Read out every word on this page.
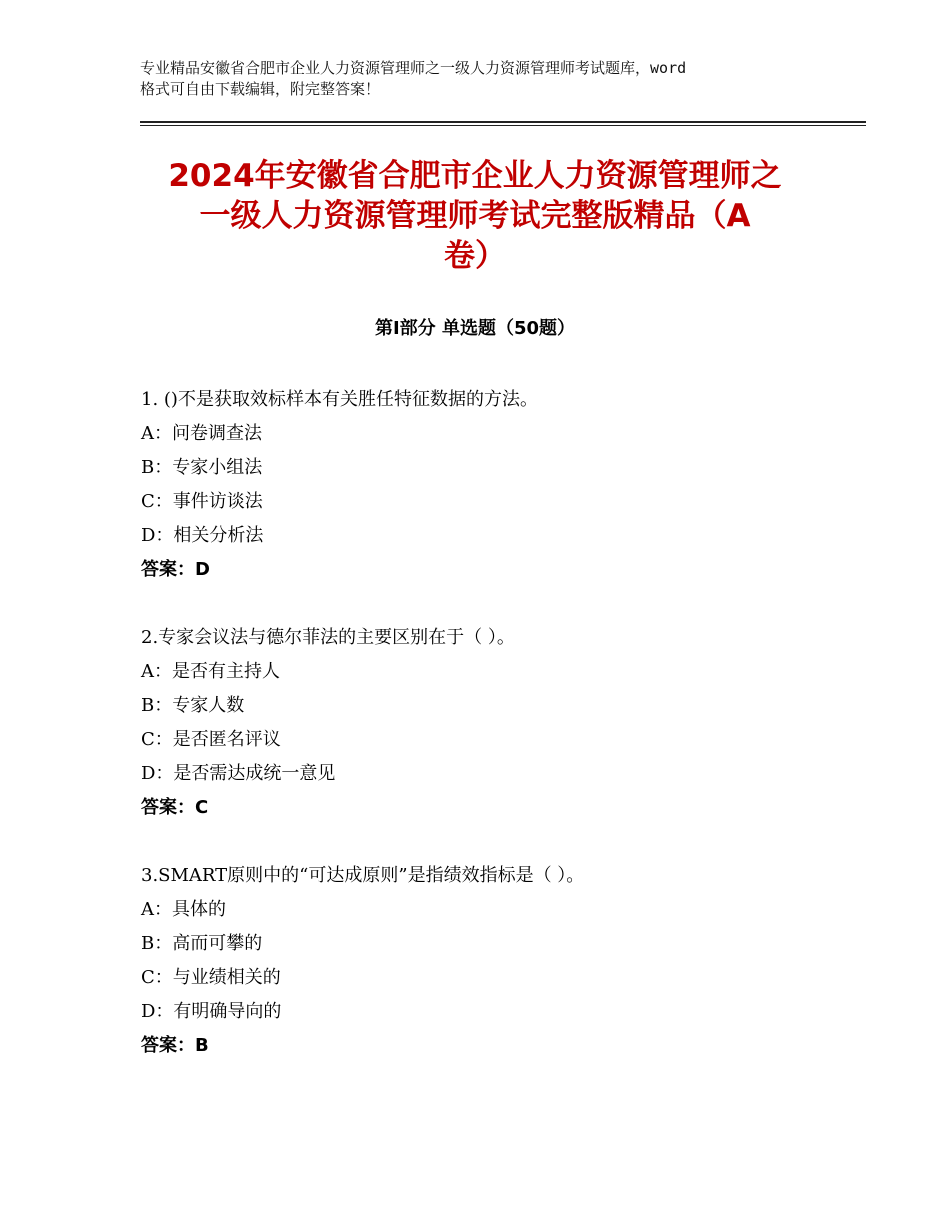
专业精品安徽省合肥市企业人力资源管理师之一级人力资源管理师考试题库，word
格式可自由下载编辑，附完整答案！
2024年安徽省合肥市企业人力资源管理师之
一级人力资源管理师考试完整版精品（A
卷）
第Ⅰ部分 单选题（50题）
1. ()不是获取效标样本有关胜任特征数据的方法。
A：问卷调查法
B：专家小组法
C：事件访谈法
D：相关分析法
答案：D
2.专家会议法与德尔菲法的主要区别在于（ ）。
A：是否有主持人
B：专家人数
C：是否匿名评议
D：是否需达成统一意见
答案：C
3.SMART原则中的“可达成原则”是指绩效指标是（ ）。
A：具体的
B：高而可攀的
C：与业绩相关的
D：有明确导向的
答案：B
